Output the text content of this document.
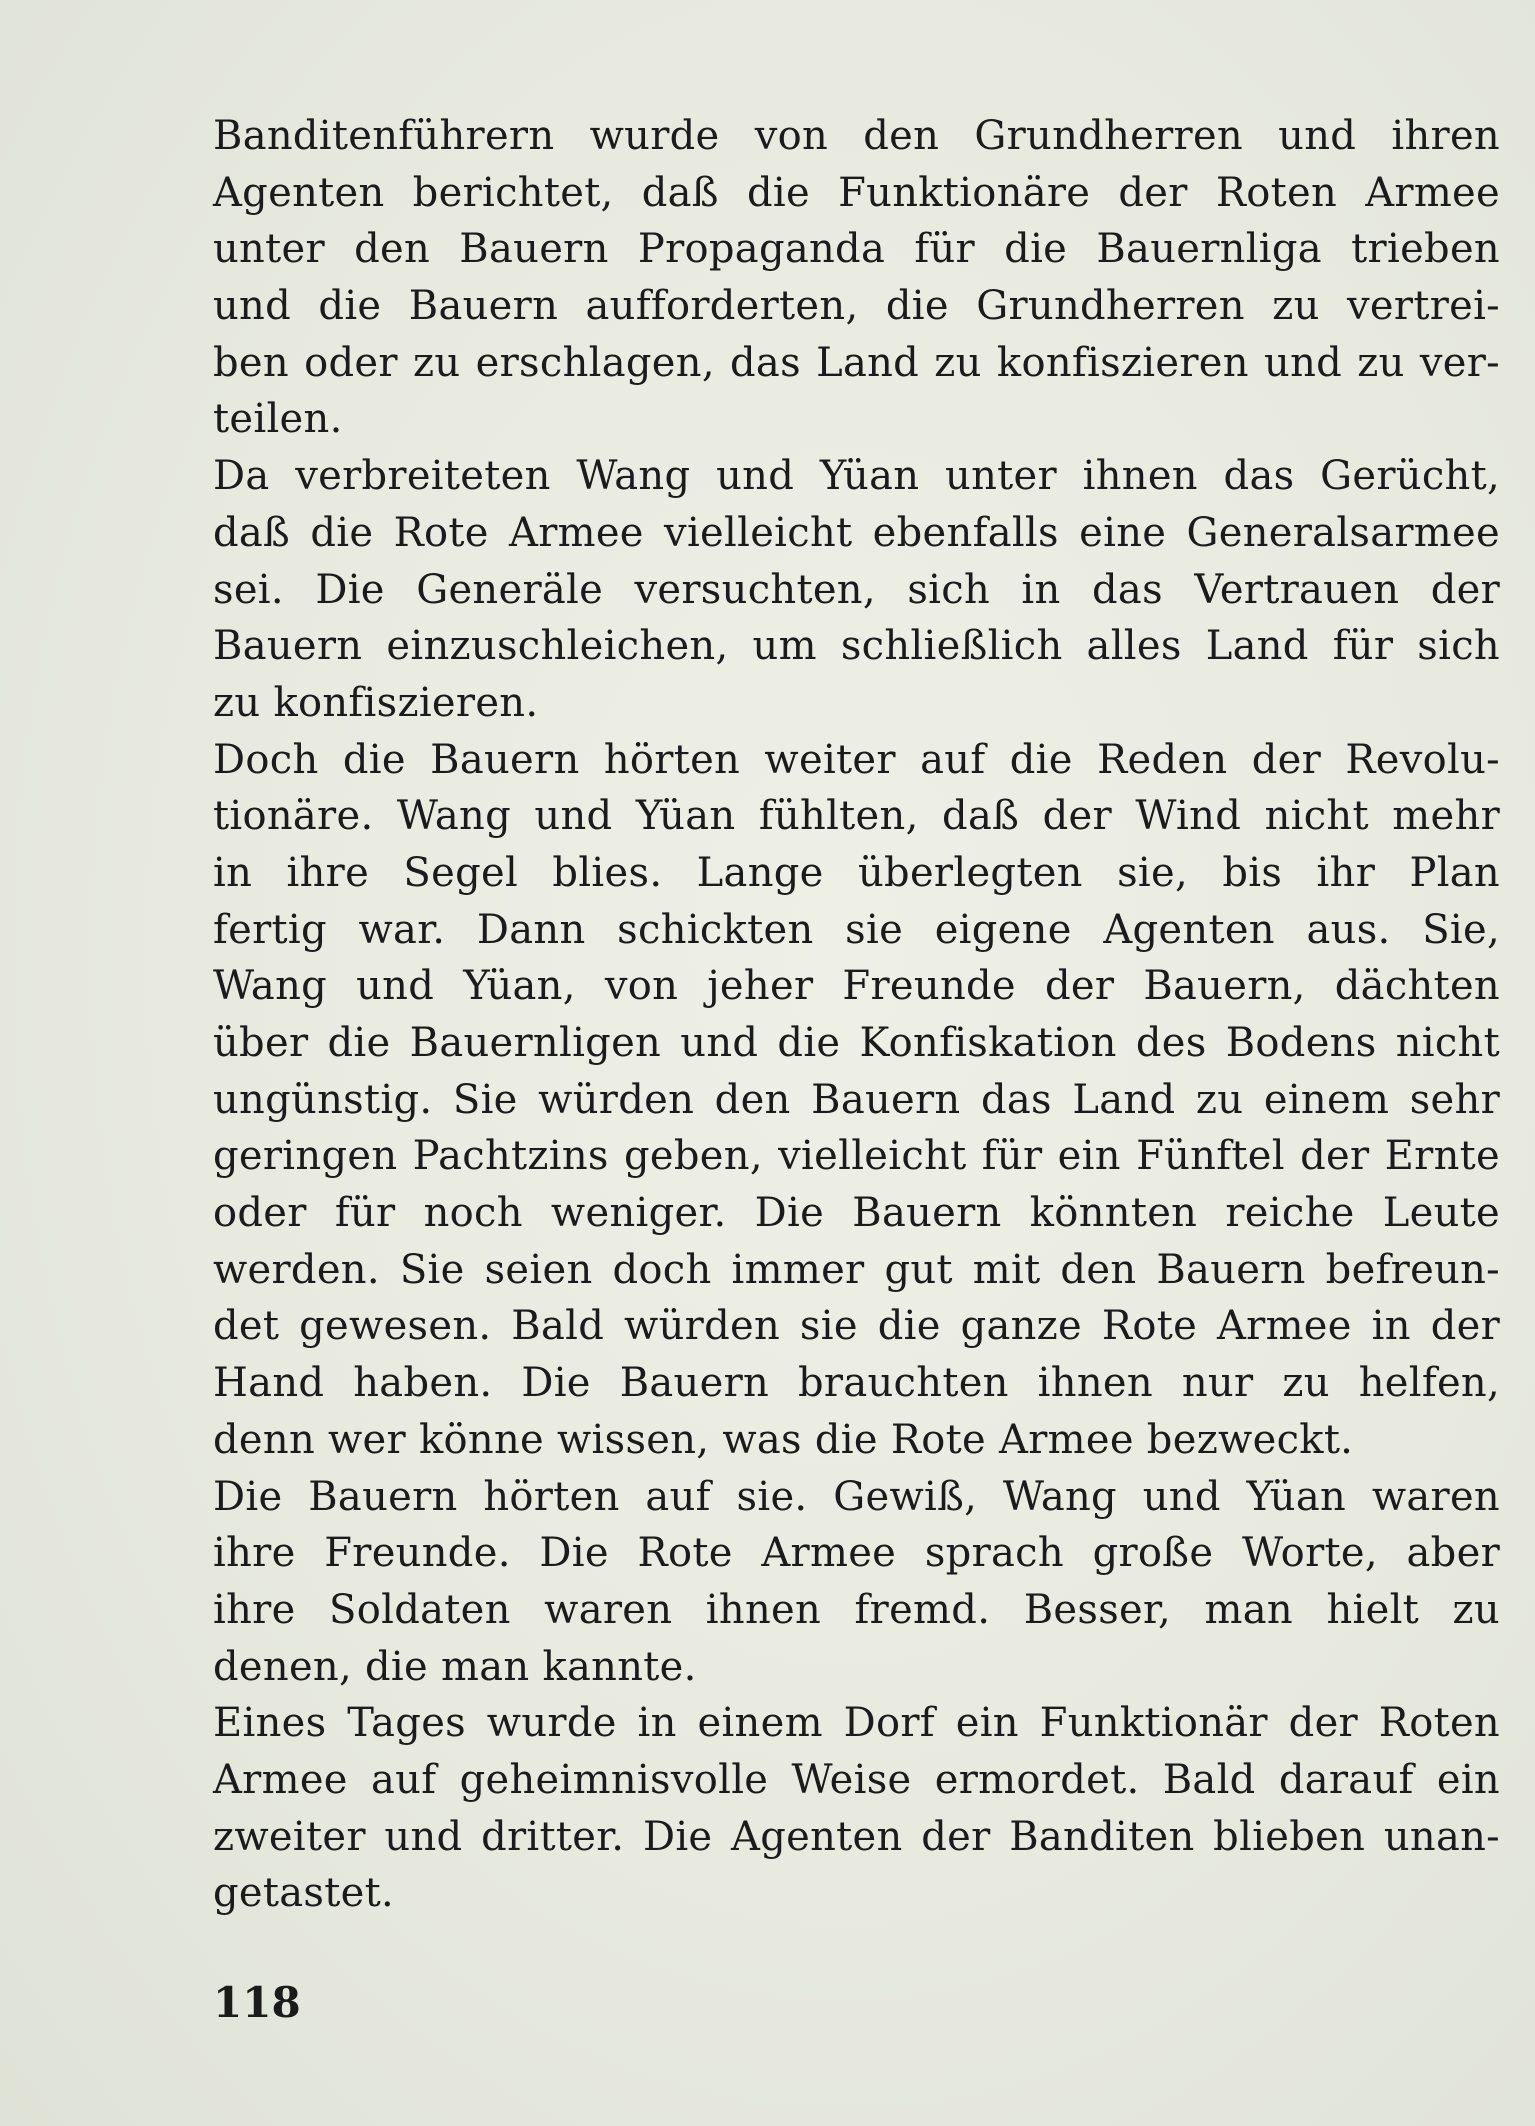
Banditenführern wurde von den Grundherren und ihren
Agenten berichtet, daß die Funktionäre der Roten Armee
unter den Bauern Propaganda für die Bauernliga trieben
und die Bauern aufforderten, die Grundherren zu vertrei-
ben oder zu erschlagen, das Land zu konfiszieren und zu ver-
teilen.
Da verbreiteten Wang und Yüan unter ihnen das Gerücht,
daß die Rote Armee vielleicht ebenfalls eine Generalsarmee
sei. Die Generäle versuchten, sich in das Vertrauen der
Bauern einzuschleichen, um schließlich alles Land für sich
zu konfiszieren.
Doch die Bauern hörten weiter auf die Reden der Revolu-
tionäre. Wang und Yüan fühlten, daß der Wind nicht mehr
in ihre Segel blies. Lange überlegten sie, bis ihr Plan
fertig war. Dann schickten sie eigene Agenten aus. Sie,
Wang und Yüan, von jeher Freunde der Bauern, dächten
über die Bauernligen und die Konfiskation des Bodens nicht
ungünstig. Sie würden den Bauern das Land zu einem sehr
geringen Pachtzins geben, vielleicht für ein Fünftel der Ernte
oder für noch weniger. Die Bauern könnten reiche Leute
werden. Sie seien doch immer gut mit den Bauern befreun-
det gewesen. Bald würden sie die ganze Rote Armee in der
Hand haben. Die Bauern brauchten ihnen nur zu helfen,
denn wer könne wissen, was die Rote Armee bezweckt.
Die Bauern hörten auf sie. Gewiß, Wang und Yüan waren
ihre Freunde. Die Rote Armee sprach große Worte, aber
ihre Soldaten waren ihnen fremd. Besser, man hielt zu
denen, die man kannte.
Eines Tages wurde in einem Dorf ein Funktionär der Roten
Armee auf geheimnisvolle Weise ermordet. Bald darauf ein
zweiter und dritter. Die Agenten der Banditen blieben unan-
getastet.
118
